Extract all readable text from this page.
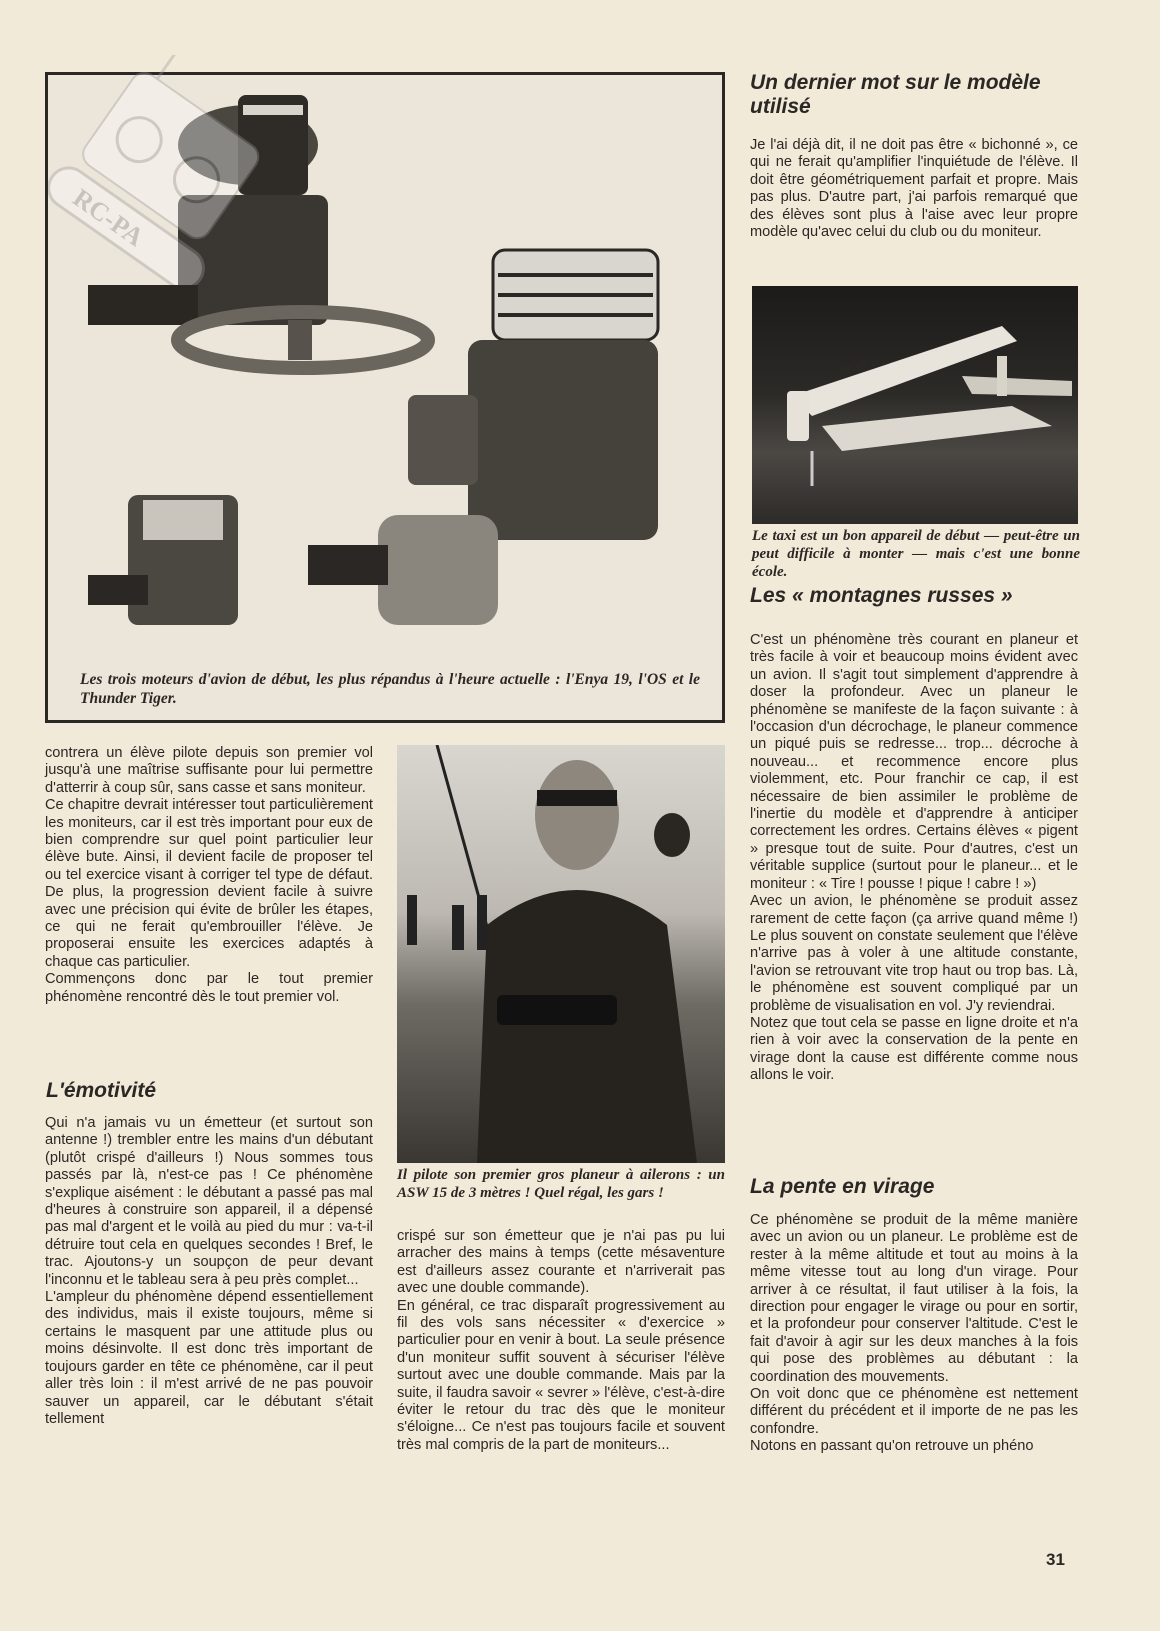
Les trois moteurs d'avion de début, les plus répandus à l'heure actuelle : l'Enya 19, l'OS et le Thunder Tiger.

RC-PA

contrera un élève pilote depuis son premier vol jusqu'à une maîtrise suffisante pour lui permettre d'atterrir à coup sûr, sans casse et sans moniteur.

Ce chapitre devrait intéresser tout particulièrement les moniteurs, car il est très important pour eux de bien comprendre sur quel point particulier leur élève bute. Ainsi, il devient facile de proposer tel ou tel exercice visant à corriger tel type de défaut. De plus, la progression devient facile à suivre avec une précision qui évite de brûler les étapes, ce qui ne ferait qu'embrouiller l'élève. Je proposerai ensuite les exercices adaptés à chaque cas particulier.

Commençons donc par le tout premier phénomène rencontré dès le tout premier vol.

L'émotivité

Qui n'a jamais vu un émetteur (et surtout son antenne !) trembler entre les mains d'un débutant (plutôt crispé d'ailleurs !) Nous sommes tous passés par là, n'est-ce pas ! Ce phénomène s'explique aisément : le débutant a passé pas mal d'heures à construire son appareil, il a dépensé pas mal d'argent et le voilà au pied du mur : va-t-il détruire tout cela en quelques secondes ! Bref, le trac. Ajoutons-y un soupçon de peur devant l'inconnu et le tableau sera à peu près complet...

L'ampleur du phénomène dépend essentiellement des individus, mais il existe toujours, même si certains le masquent par une attitude plus ou moins désinvolte. Il est donc très important de toujours garder en tête ce phénomène, car il peut aller très loin : il m'est arrivé de ne pas pouvoir sauver un appareil, car le débutant s'était tellement

Il pilote son premier gros planeur à ailerons : un ASW 15 de 3 mètres ! Quel régal, les gars !

crispé sur son émetteur que je n'ai pas pu lui arracher des mains à temps (cette mésaventure est d'ailleurs assez courante et n'arriverait pas avec une double commande).

En général, ce trac disparaît progressivement au fil des vols sans nécessiter « d'exercice » particulier pour en venir à bout. La seule présence d'un moniteur suffit souvent à sécuriser l'élève surtout avec une double commande. Mais par la suite, il faudra savoir « sevrer » l'élève, c'est-à-dire éviter le retour du trac dès que le moniteur s'éloigne... Ce n'est pas toujours facile et souvent très mal compris de la part de moniteurs...

Un dernier mot sur le modèle utilisé

Je l'ai déjà dit, il ne doit pas être « bichonné », ce qui ne ferait qu'amplifier l'inquiétude de l'élève. Il doit être géométriquement parfait et propre. Mais pas plus. D'autre part, j'ai parfois remarqué que des élèves sont plus à l'aise avec leur propre modèle qu'avec celui du club ou du moniteur.

TAXI

Le taxi est un bon appareil de début — peut-être un peut difficile à monter — mais c'est une bonne école.

Les « montagnes russes »

C'est un phénomène très courant en planeur et très facile à voir et beaucoup moins évident avec un avion. Il s'agit tout simplement d'apprendre à doser la profondeur. Avec un planeur le phénomène se manifeste de la façon suivante : à l'occasion d'un décrochage, le planeur commence un piqué puis se redresse... trop... décroche à nouveau... et recommence encore plus violemment, etc. Pour franchir ce cap, il est nécessaire de bien assimiler le problème de l'inertie du modèle et d'apprendre à anticiper correctement les ordres. Certains élèves « pigent » presque tout de suite. Pour d'autres, c'est un véritable supplice (surtout pour le planeur... et le moniteur : « Tire ! pousse ! pique ! cabre ! »)

Avec un avion, le phénomène se produit assez rarement de cette façon (ça arrive quand même !) Le plus souvent on constate seulement que l'élève n'arrive pas à voler à une altitude constante, l'avion se retrouvant vite trop haut ou trop bas. Là, le phénomène est souvent compliqué par un problème de visualisation en vol. J'y reviendrai.

Notez que tout cela se passe en ligne droite et n'a rien à voir avec la conservation de la pente en virage dont la cause est différente comme nous allons le voir.

La pente en virage

Ce phénomène se produit de la même manière avec un avion ou un planeur. Le problème est de rester à la même altitude et tout au moins à la même vitesse tout au long d'un virage. Pour arriver à ce résultat, il faut utiliser à la fois, la direction pour engager le virage ou pour en sortir, et la profondeur pour conserver l'altitude. C'est le fait d'avoir à agir sur les deux manches à la fois qui pose des problèmes au débutant : la coordination des mouvements.

On voit donc que ce phénomène est nettement différent du précédent et il importe de ne pas les confondre.

Notons en passant qu'on retrouve un phéno

31
